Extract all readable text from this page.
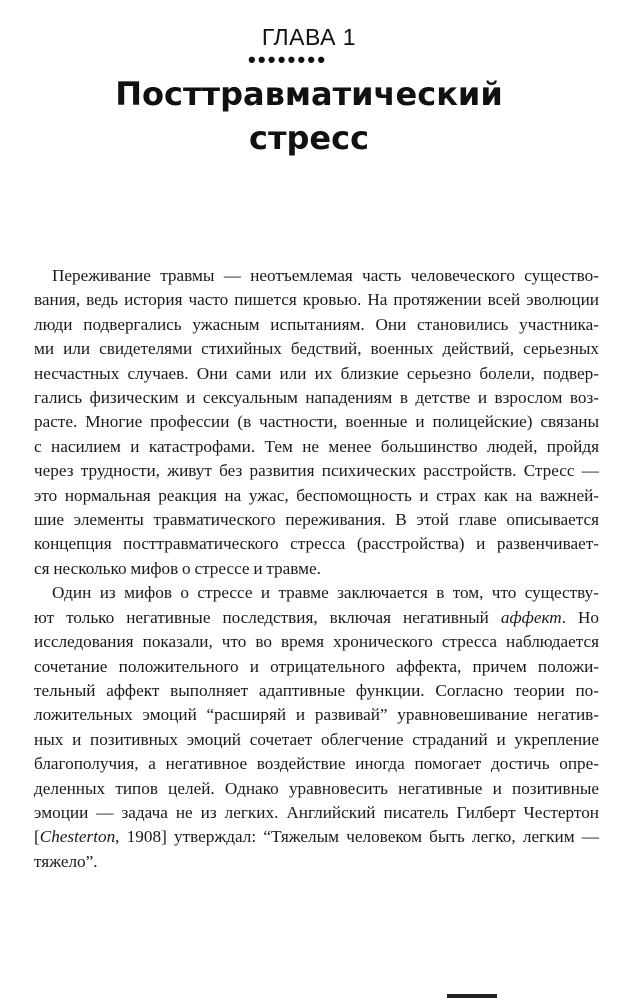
ГЛАВА 1
••••••••
Посттравматический
стресс
Переживание травмы — неотъемлемая часть человеческого существо-
вания, ведь история часто пишется кровью. На протяжении всей эволюции
люди подвергались ужасным испытаниям. Они становились участника-
ми или свидетелями стихийных бедствий, военных действий, серьезных
несчастных случаев. Они сами или их близкие серьезно болели, подвер-
гались физическим и сексуальным нападениям в детстве и взрослом воз-
расте. Многие профессии (в частности, военные и полицейские) связаны
с насилием и катастрофами. Тем не менее большинство людей, пройдя
через трудности, живут без развития психических расстройств. Стресс —
это нормальная реакция на ужас, беспомощность и страх как на важней-
шие элементы травматического переживания. В этой главе описывается
концепция посттравматического стресса (расстройства) и развенчивает-
ся несколько мифов о стрессе и травме.
Один из мифов о стрессе и травме заключается в том, что существу-
ют только негативные последствия, включая негативный аффект. Но
исследования показали, что во время хронического стресса наблюдается
сочетание положительного и отрицательного аффекта, причем положи-
тельный аффект выполняет адаптивные функции. Согласно теории по-
ложительных эмоций “расширяй и развивай” уравновешивание негатив-
ных и позитивных эмоций сочетает облегчение страданий и укрепление
благополучия, а негативное воздействие иногда помогает достичь опре-
деленных типов целей. Однако уравновесить негативные и позитивные
эмоции — задача не из легких. Английский писатель Гилберт Честертон
[Chesterton, 1908] утверждал: “Тяжелым человеком быть легко, легким —
тяжело”.
